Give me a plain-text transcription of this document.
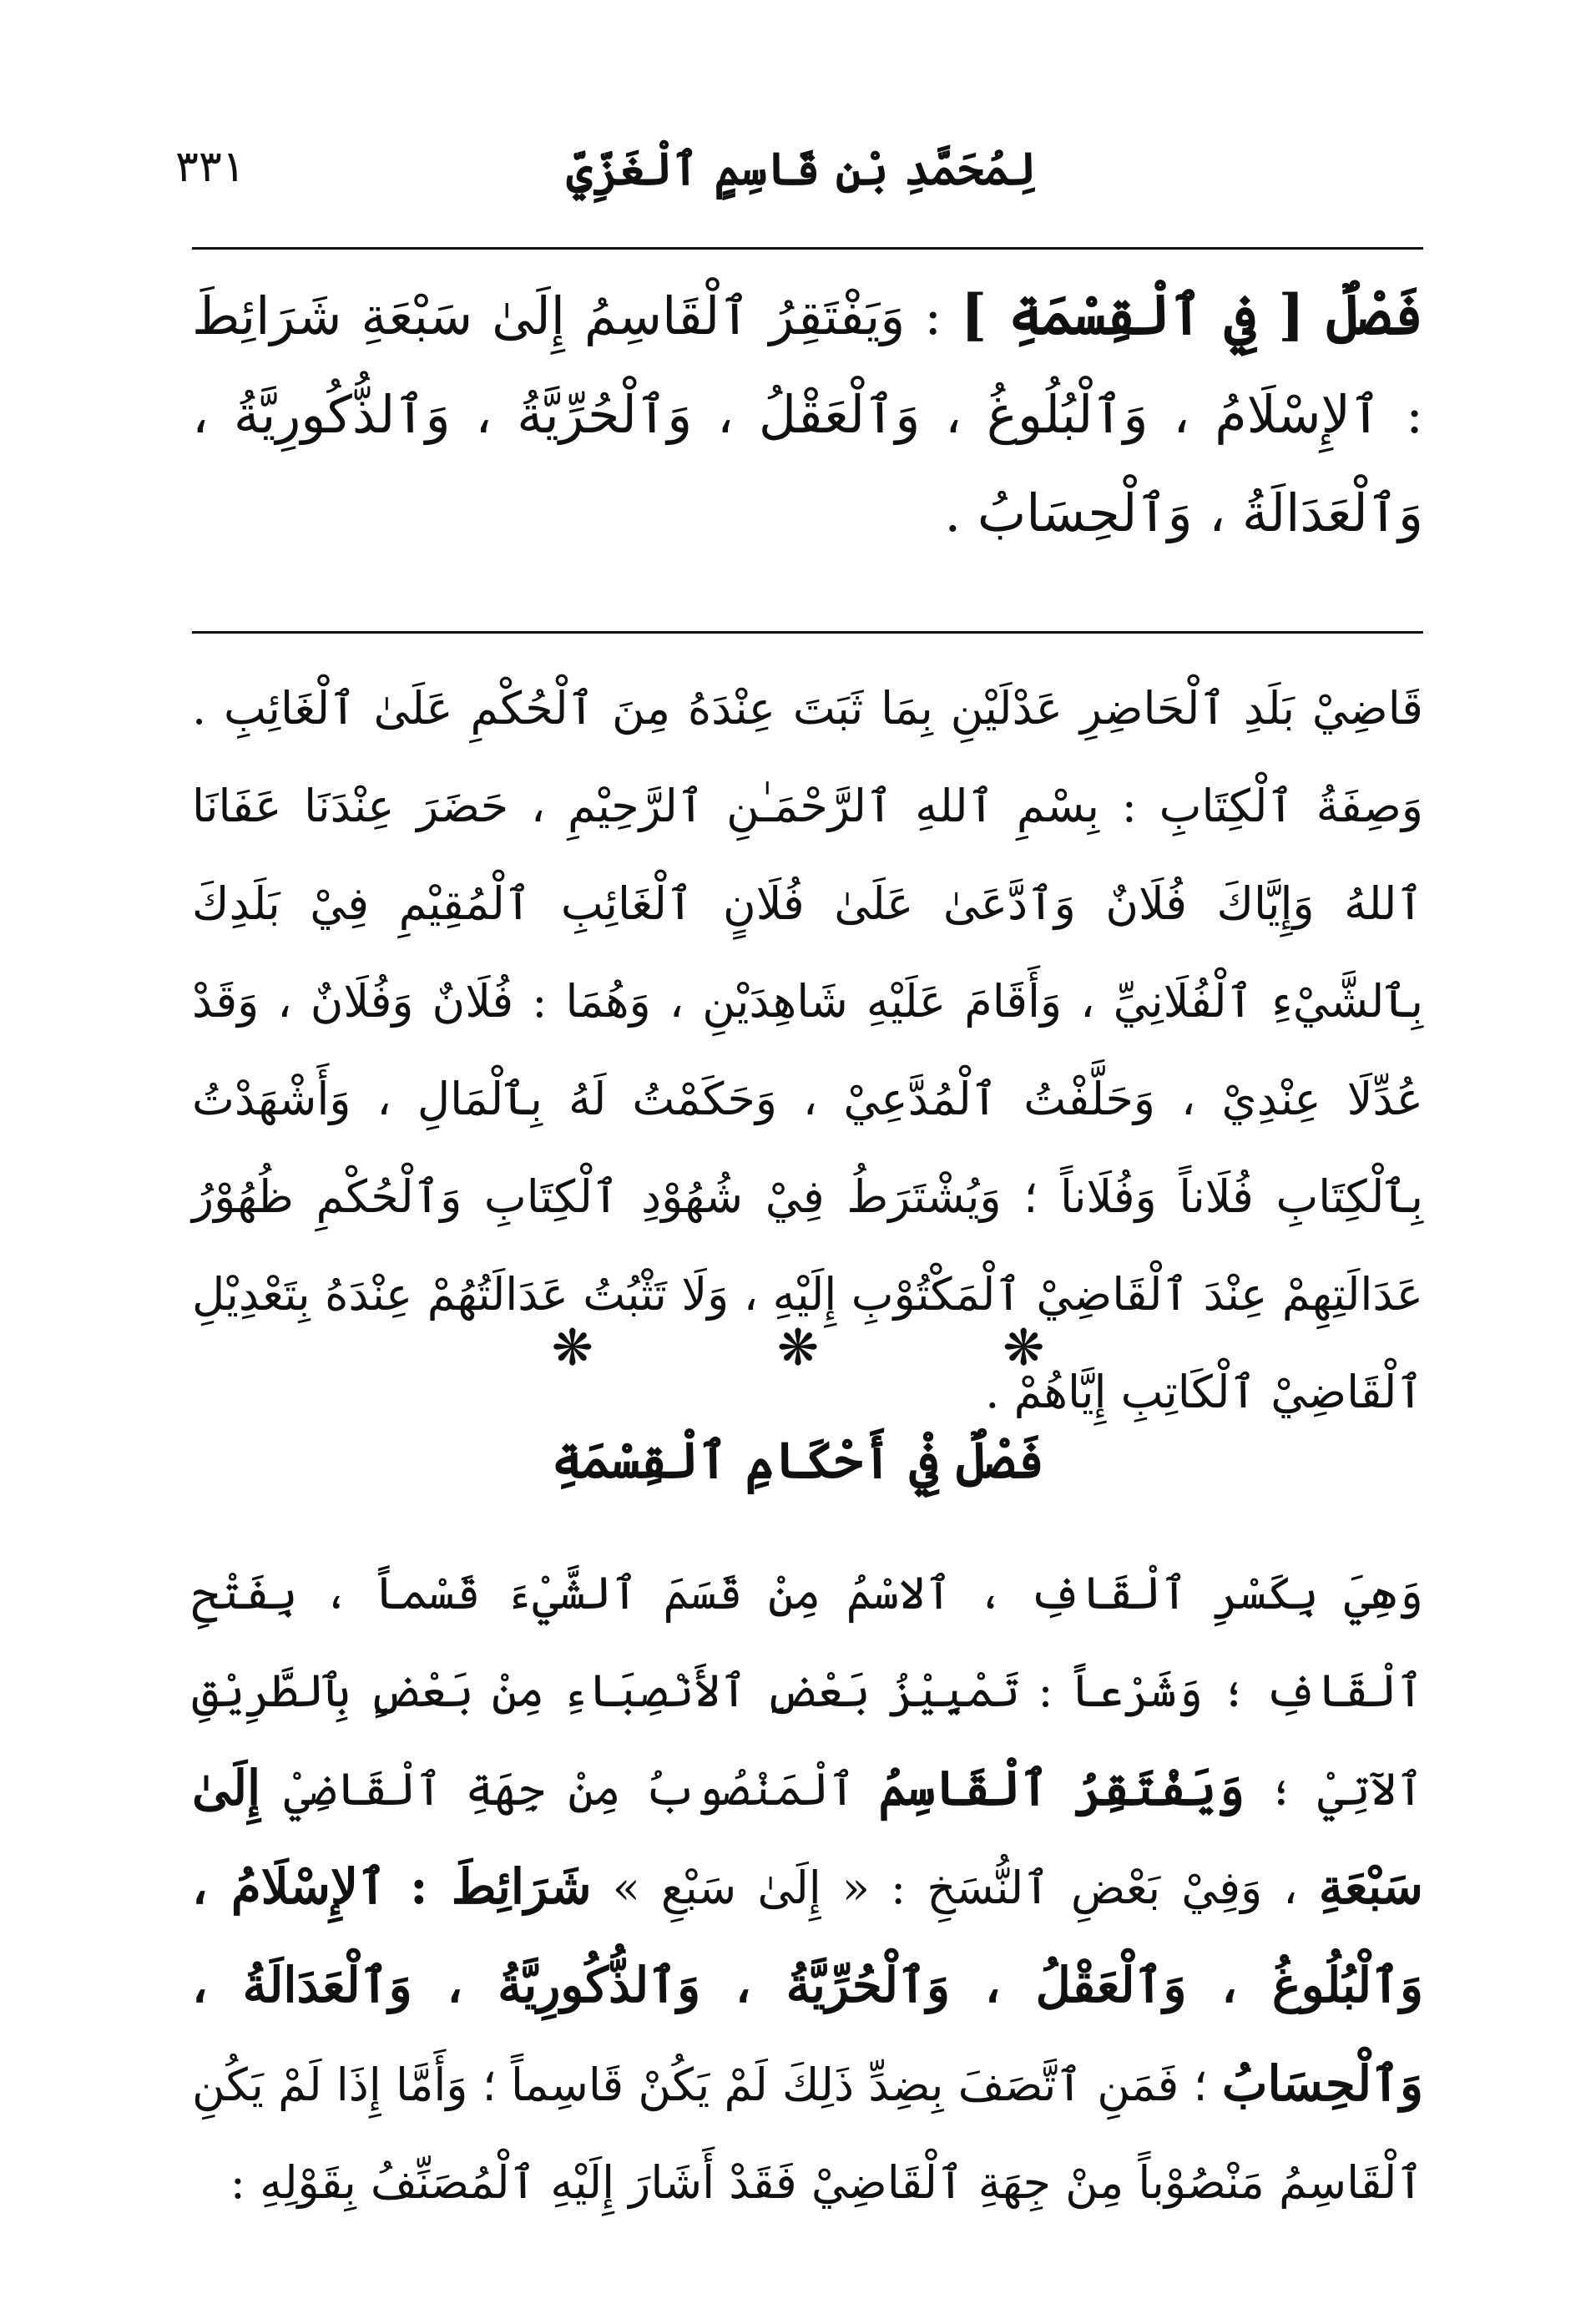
لِمُحَمَّدِ بْنِ قَاسِمٍ ٱلْغَزِّيِّ
٣٣١
فَصْلٌ [ فِي ٱلْقِسْمَةِ ] : وَيَفْتَقِرُ ٱلْقَاسِمُ إِلَىٰ سَبْعَةِ شَرَائِطَ : ٱلإِسْلَامُ ، وَٱلْبُلُوغُ ، وَٱلْعَقْلُ ، وَٱلْحُرِّيَّةُ ، وَٱلذُّكُورِيَّةُ ، وَٱلْعَدَالَةُ ، وَٱلْحِسَابُ .
قَاضِيْ بَلَدِ ٱلْحَاضِرِ عَدْلَيْنِ بِمَا ثَبَتَ عِنْدَهُ مِنَ ٱلْحُكْمِ عَلَىٰ ٱلْغَائِبِ . وَصِفَةُ ٱلْكِتَابِ : بِسْمِ ٱللهِ ٱلرَّحْمَـٰنِ ٱلرَّحِيْمِ ، حَضَرَ عِنْدَنَا عَفَانَا ٱللهُ وَإِيَّاكَ فُلَانٌ وَٱدَّعَىٰ عَلَىٰ فُلَانٍ ٱلْغَائِبِ ٱلْمُقِيْمِ فِيْ بَلَدِكَ بِٱلشَّيْءِ ٱلْفُلَانِيِّ ، وَأَقَامَ عَلَيْهِ شَاهِدَيْنِ ، وَهُمَا : فُلَانٌ وَفُلَانٌ ، وَقَدْ عُدِّلَا عِنْدِيْ ، وَحَلَّفْتُ ٱلْمُدَّعِيْ ، وَحَكَمْتُ لَهُ بِٱلْمَالِ ، وَأَشْهَدْتُ بِٱلْكِتَابِ فُلَاناً وَفُلَاناً ؛ وَيُشْتَرَطُ فِيْ شُهُوْدِ ٱلْكِتَابِ وَٱلْحُكْمِ ظُهُوْرُ عَدَالَتِهِمْ عِنْدَ ٱلْقَاضِيْ ٱلْمَكْتُوْبِ إِلَيْهِ ، وَلَا تَثْبُتُ عَدَالَتُهُمْ عِنْدَهُ بِتَعْدِيْلِ ٱلْقَاضِيْ ٱلْكَاتِبِ إِيَّاهُمْ .
❋❋❋
فَصْلٌ فِيْ أَحْكَامِ ٱلْقِسْمَةِ
وَهِيَ بِكَسْرِ ٱلْقَافِ ، ٱلاسْمُ مِنْ قَسَمَ ٱلشَّيْءَ قَسْماً ، بِفَتْحِ ٱلْقَافِ ؛ وَشَرْعاً : تَمْيِيْزُ بَعْضِ ٱلأَنْصِبَاءِ مِنْ بَعْضٍ بِٱلطَّرِيْقِ ٱلآتِيْ ؛ وَيَفْتَقِرُ ٱلْقَاسِمُ ٱلْمَنْصُوبُ مِنْ جِهَةِ ٱلْقَاضِيْ إِلَىٰ سَبْعَةِ ، وَفِيْ بَعْضِ ٱلنُّسَخِ : « إِلَىٰ سَبْعِ » شَرَائِطَ : ٱلإِسْلَامُ ، وَٱلْبُلُوغُ ، وَٱلْعَقْلُ ، وَٱلْحُرِّيَّةُ ، وَٱلذُّكُورِيَّةُ ، وَٱلْعَدَالَةُ ، وَٱلْحِسَابُ ؛ فَمَنِ ٱتَّصَفَ بِضِدِّ ذَلِكَ لَمْ يَكُنْ قَاسِماً ؛ وَأَمَّا إِذَا لَمْ يَكُنِ ٱلْقَاسِمُ مَنْصُوْباً مِنْ جِهَةِ ٱلْقَاضِيْ فَقَدْ أَشَارَ إِلَيْهِ ٱلْمُصَنِّفُ بِقَوْلِهِ :
